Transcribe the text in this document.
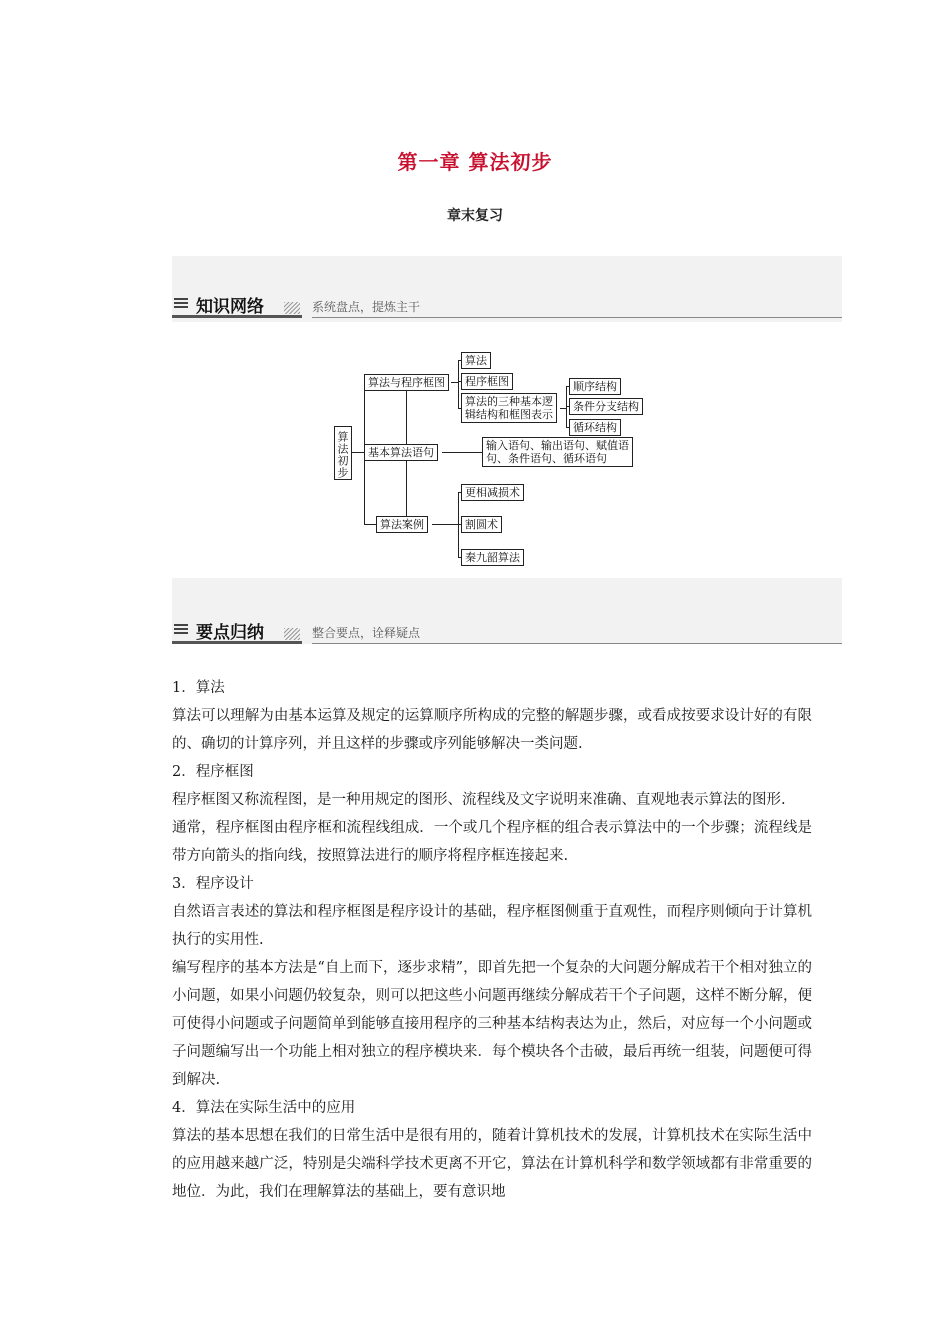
第一章 算法初步
章末复习
知识网络	系统盘点，提炼主干
算法初步
算法与程序框图
算法
程序框图
算法的三种基本逻
辑结构和框图表示
顺序结构
条件分支结构
循环结构
基本算法语句
输入语句、输出语句、赋值语
句、条件语句、循环语句
算法案例
更相减损术
割圆术
秦九韶算法
要点归纳	整合要点，诠释疑点

1．算法

算法可以理解为由基本运算及规定的运算顺序所构成的完整的解题步骤，或看成按要求设计好的有限的、确切的计算序列，并且这样的步骤或序列能够解决一类问题.

2．程序框图

程序框图又称流程图，是一种用规定的图形、流程线及文字说明来准确、直观地表示算法的图形.

通常，程序框图由程序框和流程线组成．一个或几个程序框的组合表示算法中的一个步骤；流程线是带方向箭头的指向线，按照算法进行的顺序将程序框连接起来.

3．程序设计

自然语言表述的算法和程序框图是程序设计的基础，程序框图侧重于直观性，而程序则倾向于计算机执行的实用性.

编写程序的基本方法是“自上而下，逐步求精”，即首先把一个复杂的大问题分解成若干个相对独立的小问题，如果小问题仍较复杂，则可以把这些小问题再继续分解成若干个子问题，这样不断分解，便可使得小问题或子问题简单到能够直接用程序的三种基本结构表达为止，然后，对应每一个小问题或子问题编写出一个功能上相对独立的程序模块来．每个模块各个击破，最后再统一组装，问题便可得到解决.

4．算法在实际生活中的应用

算法的基本思想在我们的日常生活中是很有用的，随着计算机技术的发展，计算机技术在实际生活中的应用越来越广泛，特别是尖端科学技术更离不开它，算法在计算机科学和数学领域都有非常重要的地位．为此，我们在理解算法的基础上，要有意识地
